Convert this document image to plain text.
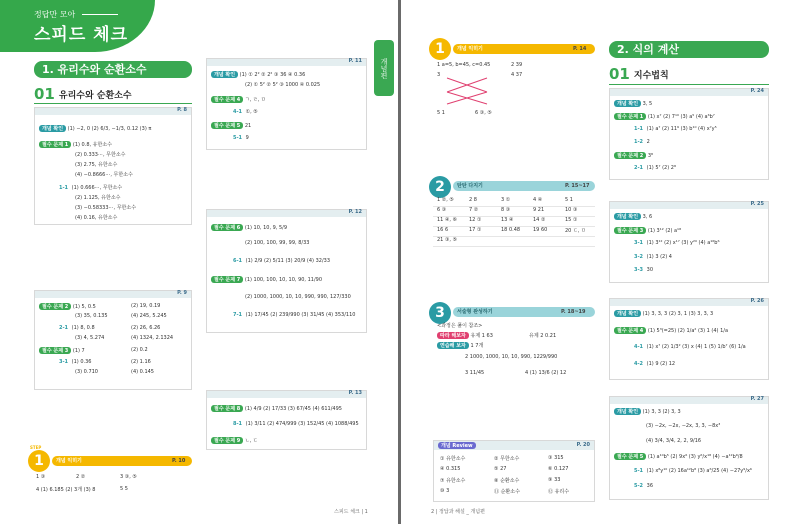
정답만 모아
스피드 체크
1. 유리수와 순환소수
01 유리수와 순환소수
P. 8
개념 확인 (1) −2, 0 (2) 6/3, −1/3, 0.12 (3) π
필수 문제 1 (1) 0.8, 유한소수
(2) 0.333⋯, 무한소수
(3) 2.75, 유한소수
(4) −0.8666⋯, 무한소수
1-1 (1) 0.666⋯, 무한소수
(2) 1.125, 유한소수
(3) −0.58333⋯, 무한소수
(4) 0.16, 유한소수
P. 9
필수 문제 2 (1) 5, 0.5̇	(2) 19, 0.1̇9̇
(3) 35, 0.13̇5̇	(4) 245, 5.24̇5̇
2-1 (1) 8, 0.8̇	(2) 26, 6.2̇6̇
(3) 4, 5.27̇4̇	(4) 1324, 2.1̇32̇4̇
필수 문제 3 (1) 7	(2) 0.2̇
3-1 (1) 0.36̇	(2) 1.16̇
(3) 0.71̇0̇	(4) 0.14̇5̇
STEP
1	개념 익히기	P. 10
1 ③	2 ②	3 ③, ⑤
4 (1) 6.18̇5̇ (2) 3개 (3) 8	5 5
P. 11
개념 확인 (1) ① 2² ② 2² ③ 36 ④ 0.36
(2) ① 5² ② 5² ③ 1000 ④ 0.025
필수 문제 4 ㄱ, ㄹ, ㅁ
4-1 ①, ⑤
필수 문제 5 21
5-1 9
P. 12
필수 문제 6 (1) 10, 10, 9, 5/9
(2) 100, 100, 99, 99, 8/33
6-1 (1) 2/9 (2) 5/11 (3) 20/9 (4) 32/33
필수 문제 7 (1) 100, 100, 10, 10, 90, 11/90
(2) 1000, 1000, 10, 10, 990, 990, 127/330
7-1 (1) 17/45 (2) 239/990 (3) 31/45 (4) 353/110
P. 13
필수 문제 8 (1) 4/9 (2) 17/33 (3) 67/45 (4) 611/495
8-1 (1) 3/11 (2) 474/999 (3) 152/45 (4) 1088/495
필수 문제 9 ㄴ, ㄷ
개념편
스피드 체크 | 1
1	개념 익히기	P. 14
1 a=5, b=45, c=0.45	2 39
3	4 37
5 1	6 ③, ⑤
2	탄탄 다지기	P. 15~17
1 ②, ⑤	2 8	3 ①	4 ④	5 1
6 ③	7 ②	8 ③	9 21	10 ③
11 ④, ⑥ 12 ①	13 ④	14 ②	15 ①
16 6	17 ①	18 0.4̇8̇	19 60	20 ㄷ, ㅁ
21 ③, ⑤
3	서술형 완성하기	P. 18~19
<과정은 풀이 참조>
따라 해보자 유제 1 63	유제 2 0.2̇1̇
연습해 보자 1 7개
2 1000, 1000, 10, 10, 990, 1229/990
3 11/45	4 (1) 13/6 (2) 12
개념 Review	P. 20
① 유한소수	② 무한소수	③ 315
④ 0.31̇5̇	⑤ 27	⑥ 0.12̇7̇
⑦ 유한소수	⑧ 순환소수	⑨ 33
⑩ 3	⑪ 순환소수	⑫ 유리수
2 | 정답과 해설 _ 개념편
2. 식의 계산
01 지수법칙
P. 24
개념 확인 3, 5
필수 문제 1 (1) x⁷ (2) 7¹⁰ (3) a⁵ (4) a⁶b⁷
1-1 (1) a⁷ (2) 11⁹ (3) b¹⁰ (4) x⁷y⁵
1-2 2
필수 문제 2 3⁸
2-1 (1) 5⁷ (2) 2⁸
P. 25
개념 확인 3, 6
필수 문제 3 (1) 3¹² (2) a¹⁸
3-1 (1) 3¹² (2) x¹⁷ (3) y²⁰ (4) a¹⁶b⁶
3-2 (1) 3 (2) 4
3-3 30
P. 26
개념 확인 (1) 3, 3, 3 (2) 3, 1 (3) 3, 3, 3
필수 문제 4 (1) 5³(=25) (2) 1/a² (3) 1 (4) 1/a
4-1 (1) x⁷ (2) 1/3² (3) x (4) 1 (5) 1/b⁷ (6) 1/a
4-2 (1) 9 (2) 12
P. 27
개념 확인 (1) 3, 3 (2) 3, 3
(3) −2x, −2x, −2x, 3, 3, −8x³
(4) 3/4, 3/4, 2, 2, 9/16
필수 문제 5 (1) a¹⁰b⁵ (2) 9x⁶ (3) y⁶/x¹⁸ (4) −a¹²b⁹/8
5-1 (1) x⁸y¹⁰ (2) 16a¹²b⁸ (3) a⁶/25 (4) −27y⁹/x⁶
5-2 36
